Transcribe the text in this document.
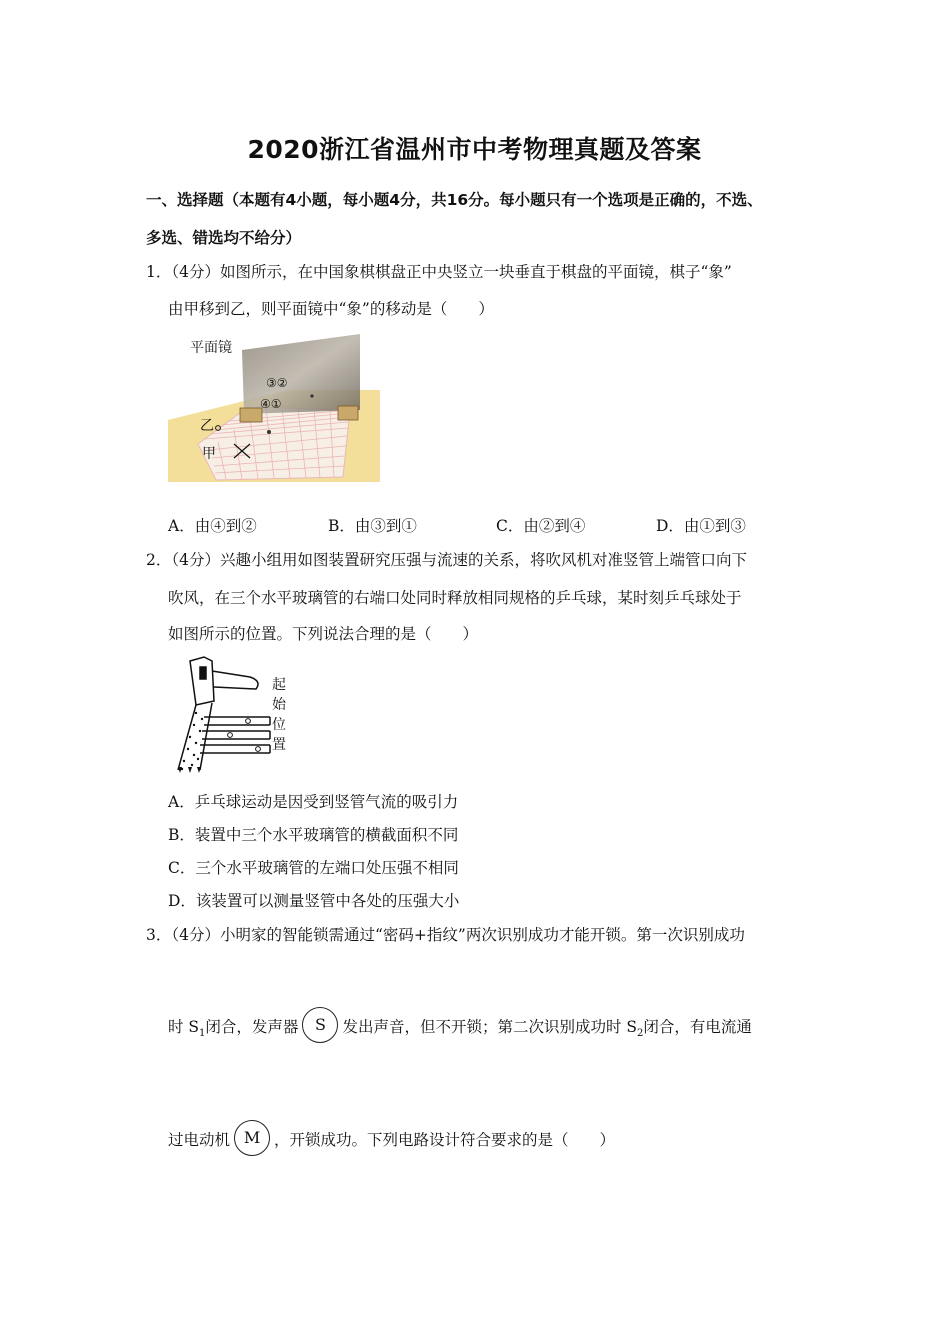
2020浙江省温州市中考物理真题及答案
一、选择题（本题有4小题，每小题4分，共16分。每小题只有一个选项是正确的，不选、
多选、错选均不给分）
1．（4分）如图所示，在中国象棋棋盘正中央竖立一块垂直于棋盘的平面镜，棋子“象”
由甲移到乙，则平面镜中“象”的移动是（　　）
③②
④①
平面镜
乙
甲
A．由④到②	B．由③到①	C．由②到④	D．由①到③
2．（4分）兴趣小组用如图装置研究压强与流速的关系，将吹风机对准竖管上端管口向下
吹风，在三个水平玻璃管的右端口处同时释放相同规格的乒乓球，某时刻乒乓球处于
如图所示的位置。下列说法合理的是（　　）
起
始
位
置
A．乒乓球运动是因受到竖管气流的吸引力
B．装置中三个水平玻璃管的横截面积不同
C．三个水平玻璃管的左端口处压强不相同
D．该装置可以测量竖管中各处的压强大小
3．（4分）小明家的智能锁需通过“密码+指纹”两次识别成功才能开锁。第一次识别成功
时 $S_1$闭合，发声器 S 发出声音，但不开锁；第二次识别成功时 $S_2$闭合，有电流通
过电动机 M ，开锁成功。下列电路设计符合要求的是（　　）
